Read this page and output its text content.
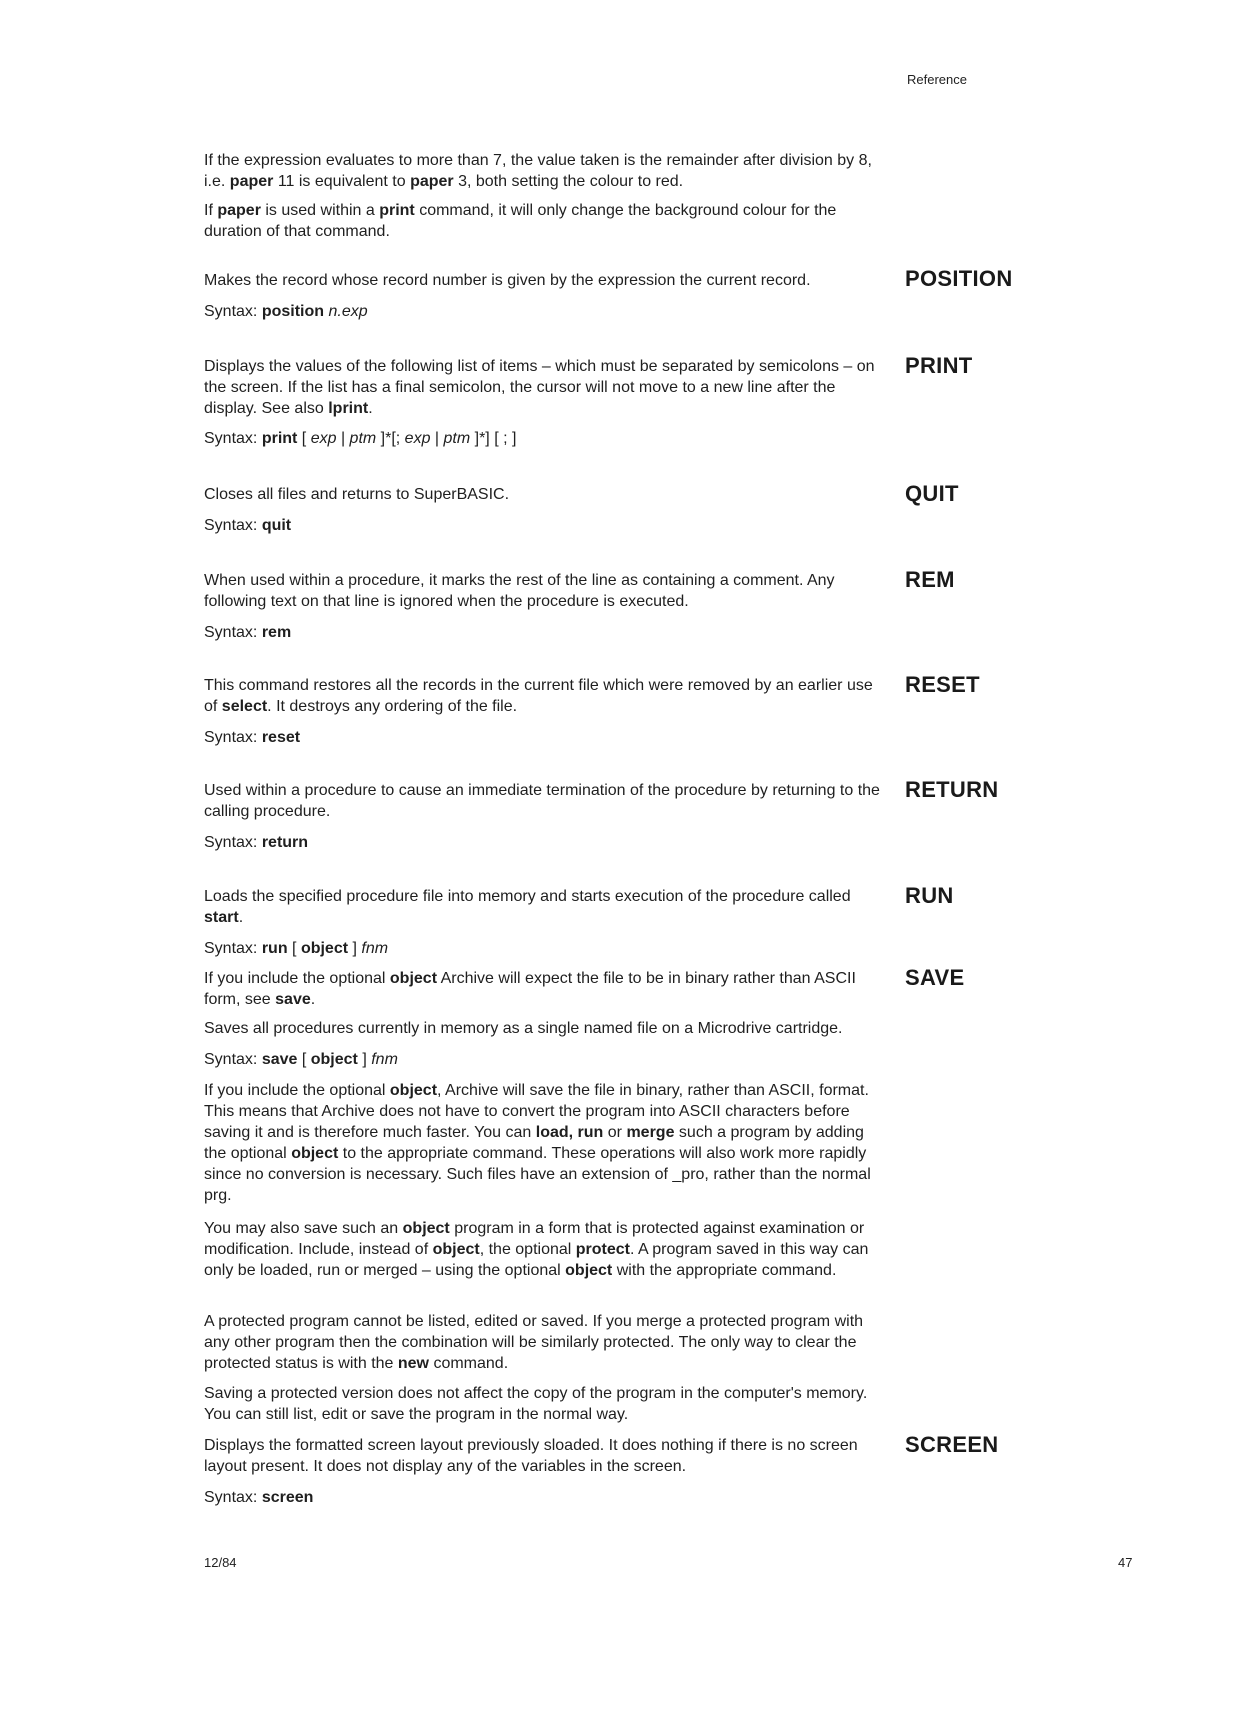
Reference

If the expression evaluates to more than 7, the value taken is the remainder after division by 8, i.e. paper 11 is equivalent to paper 3, both setting the colour to red.

If paper is used within a print command, it will only change the background colour for the duration of that command.

POSITION

Makes the record whose record number is given by the expression the current record.

Syntax: position n.exp

PRINT

Displays the values of the following list of items – which must be separated by semicolons – on the screen. If the list has a final semicolon, the cursor will not move to a new line after the display. See also lprint.

Syntax: print [ exp | ptm ]*[; exp | ptm ]*] [ ; ]

QUIT

Closes all files and returns to SuperBASIC.

Syntax: quit

REM

When used within a procedure, it marks the rest of the line as containing a comment. Any following text on that line is ignored when the procedure is executed.

Syntax: rem

RESET

This command restores all the records in the current file which were removed by an earlier use of select. It destroys any ordering of the file.

Syntax: reset

RETURN

Used within a procedure to cause an immediate termination of the procedure by returning to the calling procedure.

Syntax: return

RUN

Loads the specified procedure file into memory and starts execution of the procedure called start.

Syntax: run [ object ] fnm

If you include the optional object Archive will expect the file to be in binary rather than ASCII form, see save.

SAVE

Saves all procedures currently in memory as a single named file on a Microdrive cartridge.

Syntax: save [ object ] fnm

If you include the optional object, Archive will save the file in binary, rather than ASCII, format. This means that Archive does not have to convert the program into ASCII characters before saving it and is therefore much faster. You can load, run or merge such a program by adding the optional object to the appropriate command. These operations will also work more rapidly since no conversion is necessary. Such files have an extension of _pro, rather than the normal prg.

You may also save such an object program in a form that is protected against examination or modification. Include, instead of object, the optional protect. A program saved in this way can only be loaded, run or merged – using the optional object with the appropriate command.

A protected program cannot be listed, edited or saved. If you merge a protected program with any other program then the combination will be similarly protected. The only way to clear the protected status is with the new command.

Saving a protected version does not affect the copy of the program in the computer's memory. You can still list, edit or save the program in the normal way.

SCREEN

Displays the formatted screen layout previously sloaded. It does nothing if there is no screen layout present. It does not display any of the variables in the screen.

Syntax: screen

12/84	47
